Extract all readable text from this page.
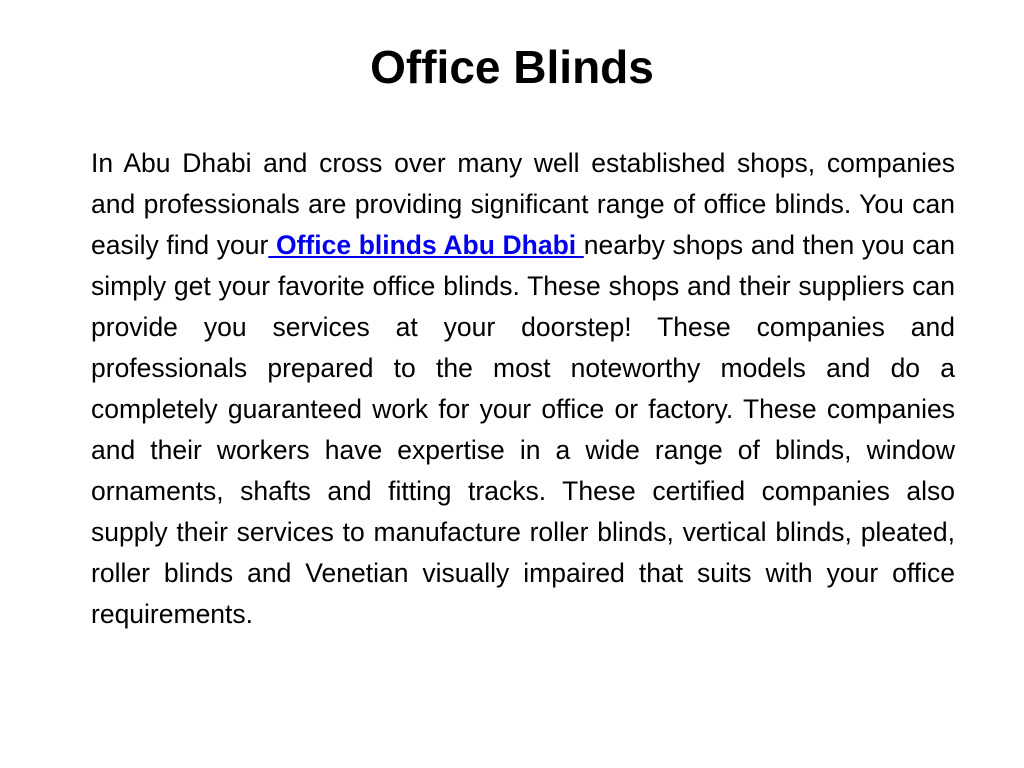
Office Blinds

In Abu Dhabi and cross over many well established shops, companies and professionals are providing significant range of office blinds. You can easily find your Office blinds Abu Dhabi nearby shops and then you can simply get your favorite office blinds. These shops and their suppliers can provide you services at your doorstep! These companies and professionals prepared to the most noteworthy models and do a completely guaranteed work for your office or factory. These companies and their workers have expertise in a wide range of blinds, window ornaments, shafts and fitting tracks. These certified companies also supply their services to manufacture roller blinds, vertical blinds, pleated, roller blinds and Venetian visually impaired that suits with your office requirements.
